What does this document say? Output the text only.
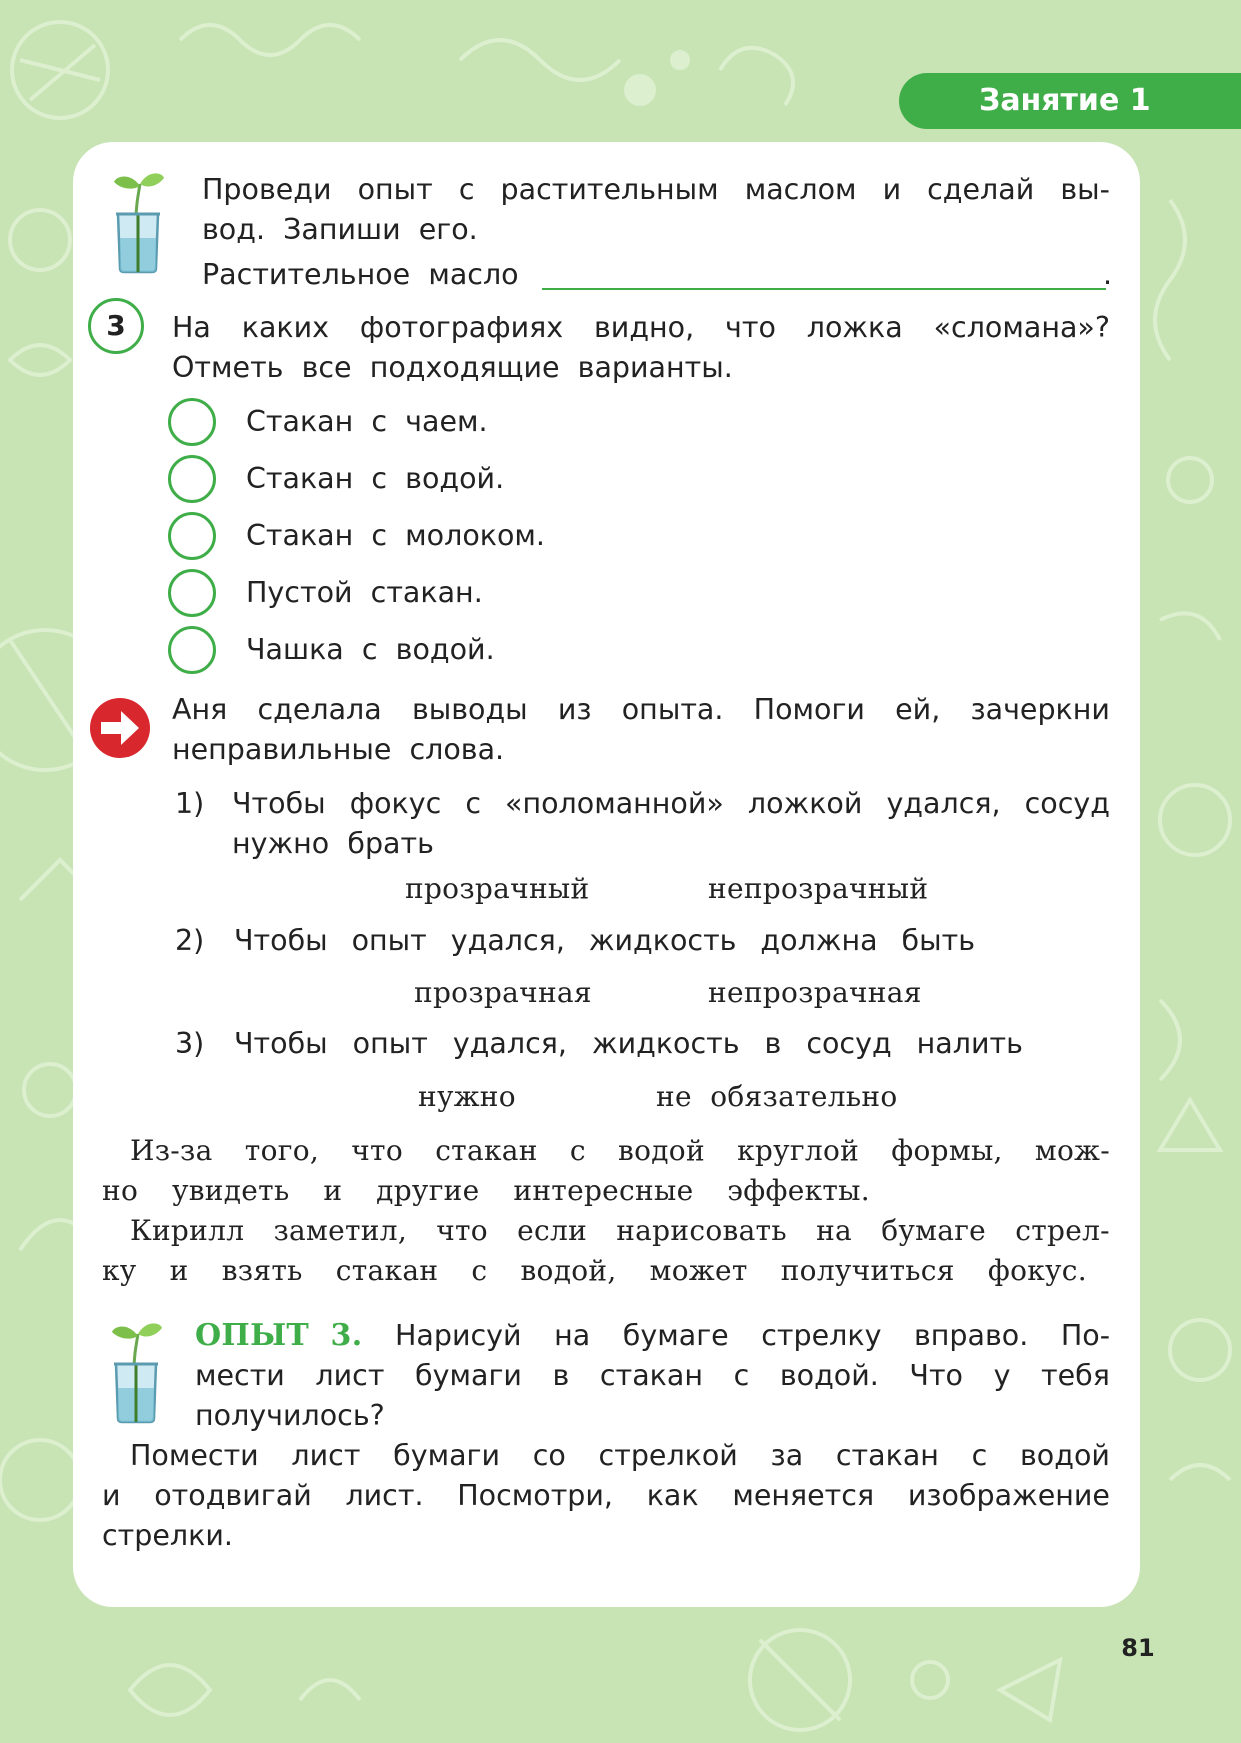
Занятие 1
Проведи опыт с растительным маслом и сделай вы-
вод.  Запиши  его.
Растительное  масло	.
3	На каких фотографиях видно, что ложка «сломана»?
Отметь  все  подходящие  варианты.
Стакан  с  чаем.
Стакан  с  водой.
Стакан  с  молоком.
Пустой  стакан.
Чашка  с  водой.
Аня сделала выводы из опыта. Помоги ей, зачеркни
неправильные  слова.
1) Чтобы фокус с «поломанной» ложкой удался, сосуд
нужно  брать
прозрачный	непрозрачный
2) Чтобы опыт удался, жидкость должна быть
прозрачная	непрозрачная
3) Чтобы опыт удался, жидкость в сосуд налить
нужно	не  обязательно
Из-за того, что стакан с водой круглой формы, мож-
но увидеть и другие интересные эффекты.
Кирилл заметил, что если нарисовать на бумаге стрел-
ку и взять стакан с водой, может получиться фокус.
ОПЫТ  3. Нарисуй на бумаге стрелку вправо. По-
мести лист бумаги в стакан с водой. Что у тебя
получилось?
Помести лист бумаги со стрелкой за стакан с водой
и отодвигай лист. Посмотри, как меняется изображение
стрелки.
81
